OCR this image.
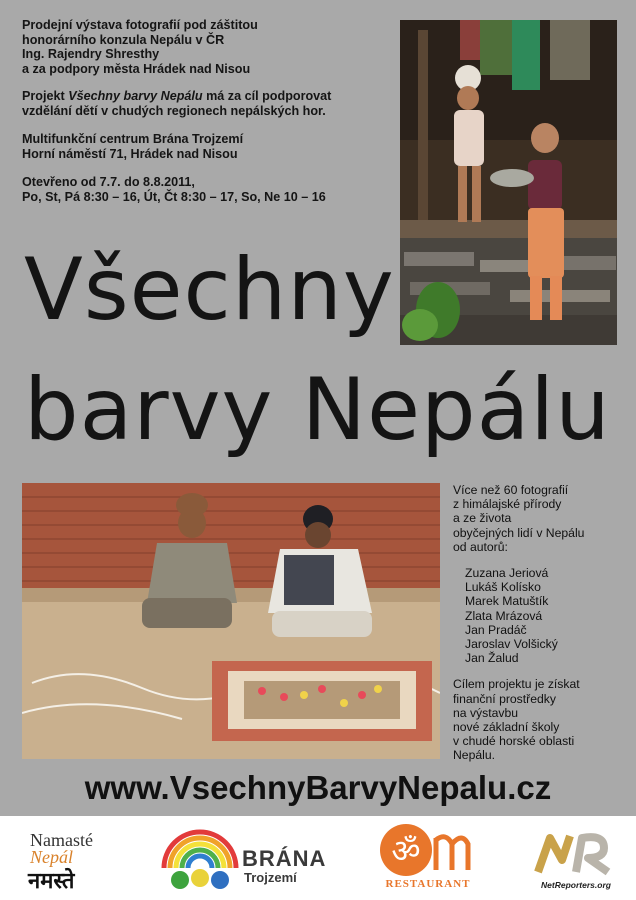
Prodejní výstava fotografií pod záštitou
honorárního konzula Nepálu v ČR
Ing. Rajendry Shresthy
a za podpory města Hrádek nad Nisou

Projekt Všechny barvy Nepálu má za cíl podporovat
vzdělání dětí v chudých regionech nepálských hor.

Multifunkční centrum Brána Trojzemí
Horní náměstí 71, Hrádek nad Nisou

Otevřeno od 7.7. do 8.8.2011,
Po, St, Pá 8:30 – 16, Út, Čt 8:30 – 17, So, Ne 10 – 16

Všechny
barvy Nepálu

Více než 60 fotografií
z himálajské přírody
a ze života
obyčejných lidí v Nepálu
od autorů:

Zuzana Jeriová
Lukáš Kolísko
Marek Matuštík
Zlata Mrázová
Jan Pradáč
Jaroslav Volšický
Jan Žalud

Cílem projektu je získat
finanční prostředky
na výstavbu
nové základní školy
v chudé horské oblasti
Nepálu.

www.VsechnyBarvyNepalu.cz

Namasté
Nepál
नमस्ते
BRÁNA
Trojzemí
ॐ
RESTAURANT	NetReporters.org
